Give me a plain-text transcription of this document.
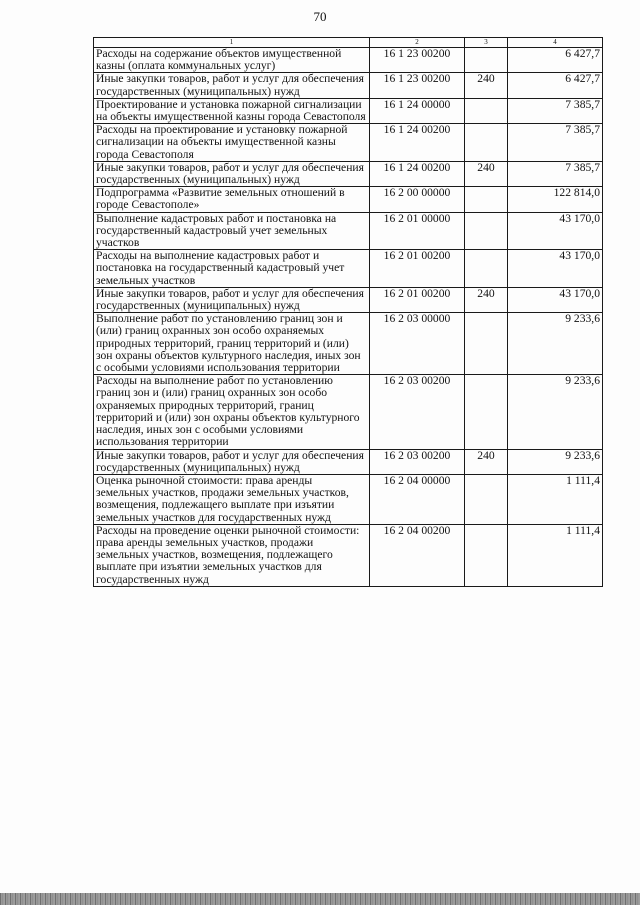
70
1	2	3	4
Расходы на содержание объектов имущественной казны (оплата коммунальных услуг)	16 1 23 00200		6 427,7
Иные закупки товаров, работ и услуг для обеспечения государственных (муниципальных) нужд	16 1 23 00200	240	6 427,7
Проектирование и установка пожарной сигнализации на объекты имущественной казны города Севастополя	16 1 24 00000		7 385,7
Расходы на проектирование и установку пожарной сигнализации на объекты имущественной казны города Севастополя	16 1 24 00200		7 385,7
Иные закупки товаров, работ и услуг для обеспечения государственных (муниципальных) нужд	16 1 24 00200	240	7 385,7
Подпрограмма «Развитие земельных отношений в городе Севастополе»	16 2 00 00000		122 814,0
Выполнение кадастровых работ и постановка на государственный кадастровый учет земельных участков	16 2 01 00000		43 170,0
Расходы на выполнение кадастровых работ и постановка на государственный кадастровый учет земельных участков	16 2 01 00200		43 170,0
Иные закупки товаров, работ и услуг для обеспечения государственных (муниципальных) нужд	16 2 01 00200	240	43 170,0
Выполнение работ по установлению границ зон и (или) границ охранных зон особо охраняемых природных территорий, границ территорий и (или) зон охраны объектов культурного наследия, иных зон с особыми условиями использования территории	16 2 03 00000		9 233,6
Расходы на выполнение работ по установлению границ зон и (или) границ охранных зон особо охраняемых природных территорий, границ территорий и (или) зон охраны объектов культурного наследия, иных зон с особыми условиями использования территории	16 2 03 00200		9 233,6
Иные закупки товаров, работ и услуг для обеспечения государственных (муниципальных) нужд	16 2 03 00200	240	9 233,6
Оценка рыночной стоимости: права аренды земельных участков, продажи земельных участков, возмещения, подлежащего выплате при изъятии земельных участков для государственных нужд	16 2 04 00000		1 111,4
Расходы на проведение оценки рыночной стоимости: права аренды земельных участков, продажи земельных участков, возмещения, подлежащего выплате при изъятии земельных участков для государственных нужд	16 2 04 00200		1 111,4
